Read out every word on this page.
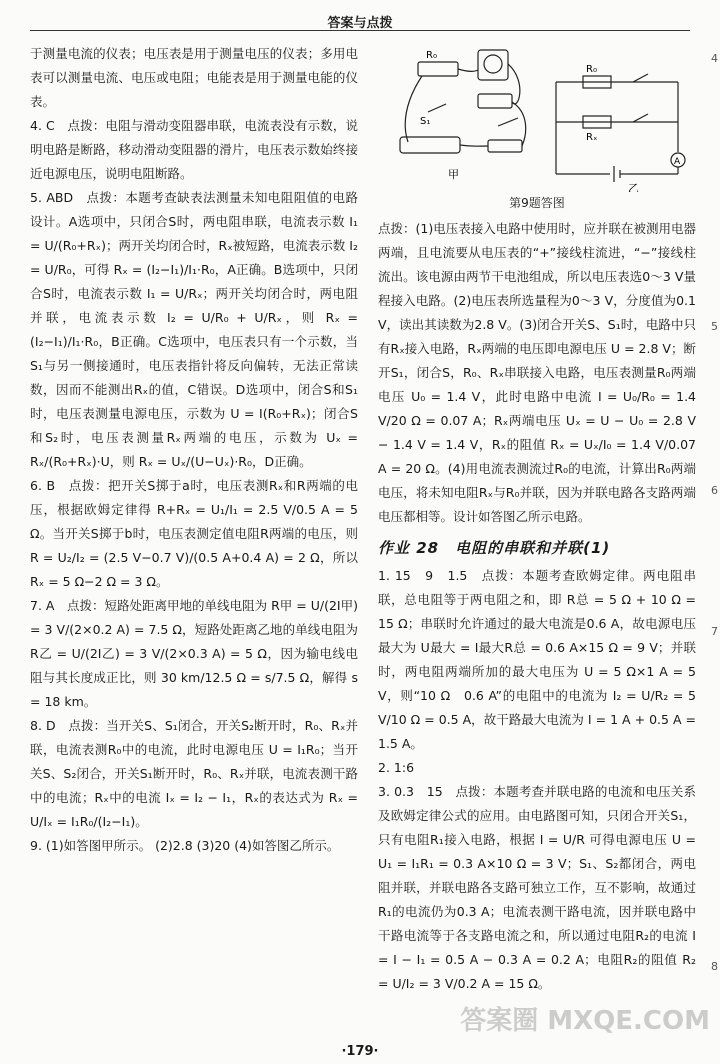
答案与点拨

于测量电流的仪表；电压表是用于测量电压的仪表；多用电表可以测量电流、电压或电阻；电能表是用于测量电能的仪表。

4. C　点拨：电阻与滑动变阻器串联，电流表没有示数，说明电路是断路，移动滑动变阻器的滑片，电压表示数始终接近电源电压，说明电阻断路。

5. ABD　点拨：本题考查缺表法测量未知电阻阻值的电路设计。A选项中，只闭合S时，两电阻串联，电流表示数 I₁ = U/(R₀+Rₓ)；两开关均闭合时，Rₓ被短路，电流表示数 I₂ = U/R₀，可得 Rₓ = (I₂−I₁)/I₁·R₀，A正确。B选项中，只闭合S时，电流表示数 I₁ = U/Rₓ；两开关均闭合时，两电阻并联，电流表示数 I₂ = U/R₀ + U/Rₓ，则 Rₓ = (I₂−I₁)/I₁·R₀，B正确。C选项中，电压表只有一个示数，当S₁与另一侧接通时，电压表指针将反向偏转，无法正常读数，因而不能测出Rₓ的值，C错误。D选项中，闭合S和S₁时，电压表测量电源电压，示数为 U = I(R₀+Rₓ)；闭合S和S₂时，电压表测量Rₓ两端的电压，示数为 Uₓ = Rₓ/(R₀+Rₓ)·U，则 Rₓ = Uₓ/(U−Uₓ)·R₀，D正确。

6. B　点拨：把开关S掷于a时，电压表测Rₓ和R两端的电压，根据欧姆定律得 R+Rₓ = U₁/I₁ = 2.5 V/0.5 A = 5 Ω。当开关S掷于b时，电压表测定值电阻R两端的电压，则 R = U₂/I₂ = (2.5 V−0.7 V)/(0.5 A+0.4 A) = 2 Ω，所以 Rₓ = 5 Ω−2 Ω = 3 Ω。

7. A　点拨：短路处距离甲地的单线电阻为 R甲 = U/(2I甲) = 3 V/(2×0.2 A) = 7.5 Ω，短路处距离乙地的单线电阻为 R乙 = U/(2I乙) = 3 V/(2×0.3 A) = 5 Ω，因为输电线电阻与其长度成正比，则 30 km/12.5 Ω = s/7.5 Ω，解得 s = 18 km。

8. D　点拨：当开关S、S₁闭合，开关S₂断开时，R₀、Rₓ并联，电流表测R₀中的电流，此时电源电压 U = I₁R₀；当开关S、S₂闭合，开关S₁断开时，R₀、Rₓ并联，电流表测干路中的电流；Rₓ中的电流 Iₓ = I₂ − I₁，Rₓ的表达式为 Rₓ = U/Iₓ = I₁R₀/(I₂−I₁)。

9. (1)如答图甲所示。 (2)2.8 (3)20 (4)如答图乙所示。

R₀
S₁
甲
R₀
Rₓ
A
乙
第9题答图

点拨：(1)电压表接入电路中使用时，应并联在被测用电器两端，且电流要从电压表的“+”接线柱流进，“−”接线柱流出。该电源由两节干电池组成，所以电压表选0～3 V量程接入电路。(2)电压表所选量程为0～3 V，分度值为0.1 V，读出其读数为2.8 V。(3)闭合开关S、S₁时，电路中只有Rₓ接入电路，Rₓ两端的电压即电源电压 U = 2.8 V；断开S₁，闭合S，R₀、Rₓ串联接入电路，电压表测量R₀两端电压 U₀ = 1.4 V，此时电路中电流 I = U₀/R₀ = 1.4 V/20 Ω = 0.07 A；Rₓ两端电压 Uₓ = U − U₀ = 2.8 V − 1.4 V = 1.4 V，Rₓ的阻值 Rₓ = Uₓ/I₀ = 1.4 V/0.07 A = 20 Ω。(4)用电流表测流过R₀的电流，计算出R₀两端电压，将未知电阻Rₓ与R₀并联，因为并联电路各支路两端电压都相等。设计如答图乙所示电路。

作业 28　电阻的串联和并联(1)

1. 15　9　1.5　点拨：本题考查欧姆定律。两电阻串联，总电阻等于两电阻之和，即 R总 = 5 Ω + 10 Ω = 15 Ω；串联时允许通过的最大电流是0.6 A，故电源电压最大为 U最大 = I最大R总 = 0.6 A×15 Ω = 9 V；并联时，两电阻两端所加的最大电压为 U = 5 Ω×1 A = 5 V，则“10 Ω　0.6 A”的电阻中的电流为 I₂ = U/R₂ = 5 V/10 Ω = 0.5 A，故干路最大电流为 I = 1 A + 0.5 A = 1.5 A。

2. 1:6

3. 0.3　15　点拨：本题考查并联电路的电流和电压关系及欧姆定律公式的应用。由电路图可知，只闭合开关S₁，只有电阻R₁接入电路，根据 I = U/R 可得电源电压 U = U₁ = I₁R₁ = 0.3 A×10 Ω = 3 V；S₁、S₂都闭合，两电阻并联，并联电路各支路可独立工作，互不影响，故通过R₁的电流仍为0.3 A；电流表测干路电流，因并联电路中干路电流等于各支路电流之和，所以通过电阻R₂的电流 I = I − I₁ = 0.5 A − 0.3 A = 0.2 A；电阻R₂的阻值 R₂ = U/I₂ = 3 V/0.2 A = 15 Ω。

4
5
6
7
8
·179·
答案圈 MXQE.COM
